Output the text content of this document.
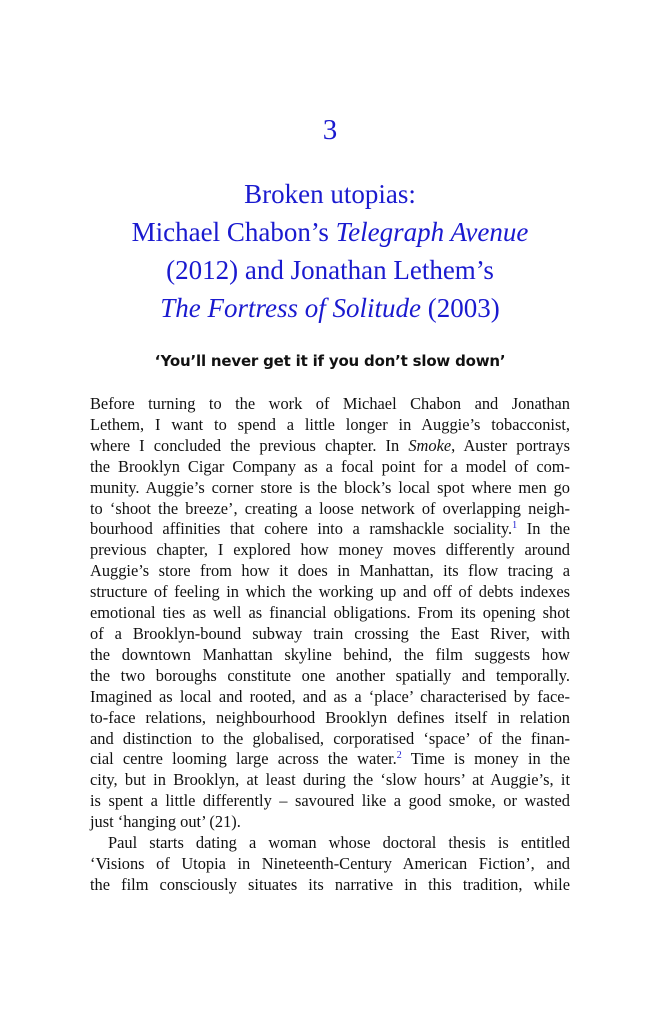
3
Broken utopias:
Michael Chabon’s Telegraph Avenue
(2012) and Jonathan Lethem’s
The Fortress of Solitude (2003)
‘You’ll never get it if you don’t slow down’

Before turning to the work of Michael Chabon and Jonathan
Lethem, I want to spend a little longer in Auggie’s tobacconist,
where I concluded the previous chapter. In Smoke, Auster portrays
the Brooklyn Cigar Company as a focal point for a model of com-
munity. Auggie’s corner store is the block’s local spot where men go
to ‘shoot the breeze’, creating a loose network of overlapping neigh-
bourhood affinities that cohere into a ramshackle sociality.$^1$ In the
previous chapter, I explored how money moves differently around
Auggie’s store from how it does in Manhattan, its flow tracing a
structure of feeling in which the working up and off of debts indexes
emotional ties as well as financial obligations. From its opening shot
of a Brooklyn-bound subway train crossing the East River, with
the downtown Manhattan skyline behind, the film suggests how
the two boroughs constitute one another spatially and temporally.
Imagined as local and rooted, and as a ‘place’ characterised by face-
to-face relations, neighbourhood Brooklyn defines itself in relation
and distinction to the globalised, corporatised ‘space’ of the finan-
cial centre looming large across the water.$^2$ Time is money in the
city, but in Brooklyn, at least during the ‘slow hours’ at Auggie’s, it
is spent a little differently – savoured like a good smoke, or wasted
just ‘hanging out’ (21).

Paul starts dating a woman whose doctoral thesis is entitled
‘Visions of Utopia in Nineteenth-Century American Fiction’, and
the film consciously situates its narrative in this tradition, while
